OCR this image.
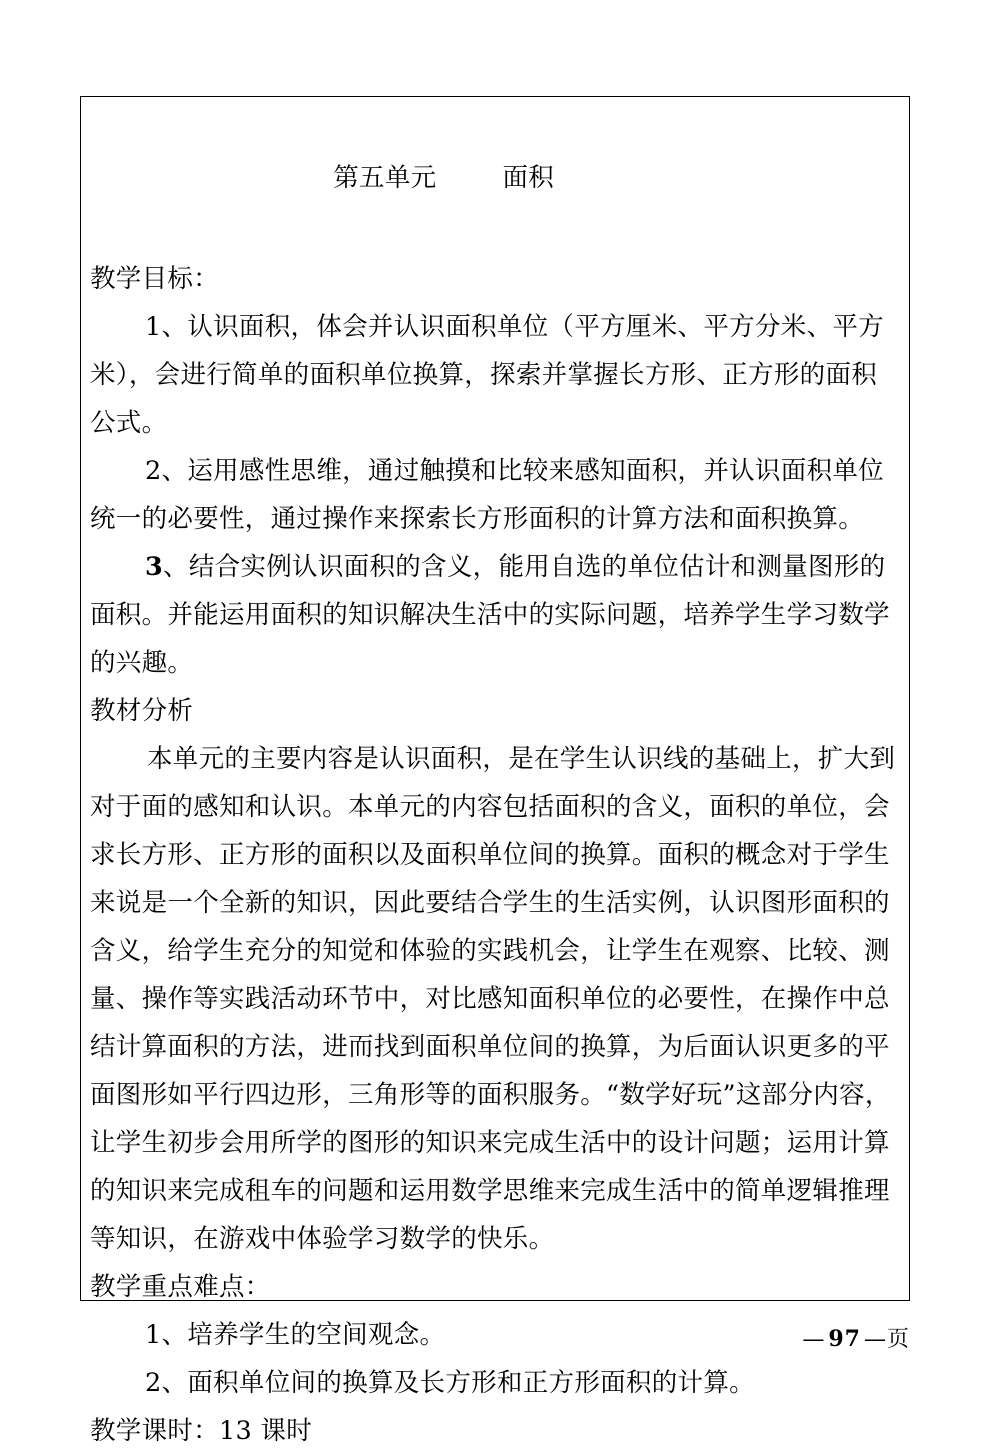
第五单元	面积

教学目标：
1、认识面积，体会并认识面积单位（平方厘米、平方分米、平方米），会进行简单的面积单位换算，探索并掌握长方形、正方形的面积公式。
2、运用感性思维，通过触摸和比较来感知面积，并认识面积单位统一的必要性，通过操作来探索长方形面积的计算方法和面积换算。
3、结合实例认识面积的含义，能用自选的单位估计和测量图形的面积。并能运用面积的知识解决生活中的实际问题，培养学生学习数学的兴趣。
教材分析
本单元的主要内容是认识面积，是在学生认识线的基础上，扩大到对于面的感知和认识。本单元的内容包括面积的含义，面积的单位，会求长方形、正方形的面积以及面积单位间的换算。面积的概念对于学生来说是一个全新的知识，因此要结合学生的生活实例，认识图形面积的含义，给学生充分的知觉和体验的实践机会，让学生在观察、比较、测量、操作等实践活动环节中，对比感知面积单位的必要性，在操作中总结计算面积的方法，进而找到面积单位间的换算，为后面认识更多的平面图形如平行四边形，三角形等的面积服务。“数学好玩”这部分内容，让学生初步会用所学的图形的知识来完成生活中的设计问题；运用计算的知识来完成租车的问题和运用数学思维来完成生活中的简单逻辑推理等知识，在游戏中体验学习数学的快乐。
教学重点难点：
1、培养学生的空间观念。
2、面积单位间的换算及长方形和正方形面积的计算。
教学课时：13 课时
— 97 —页
